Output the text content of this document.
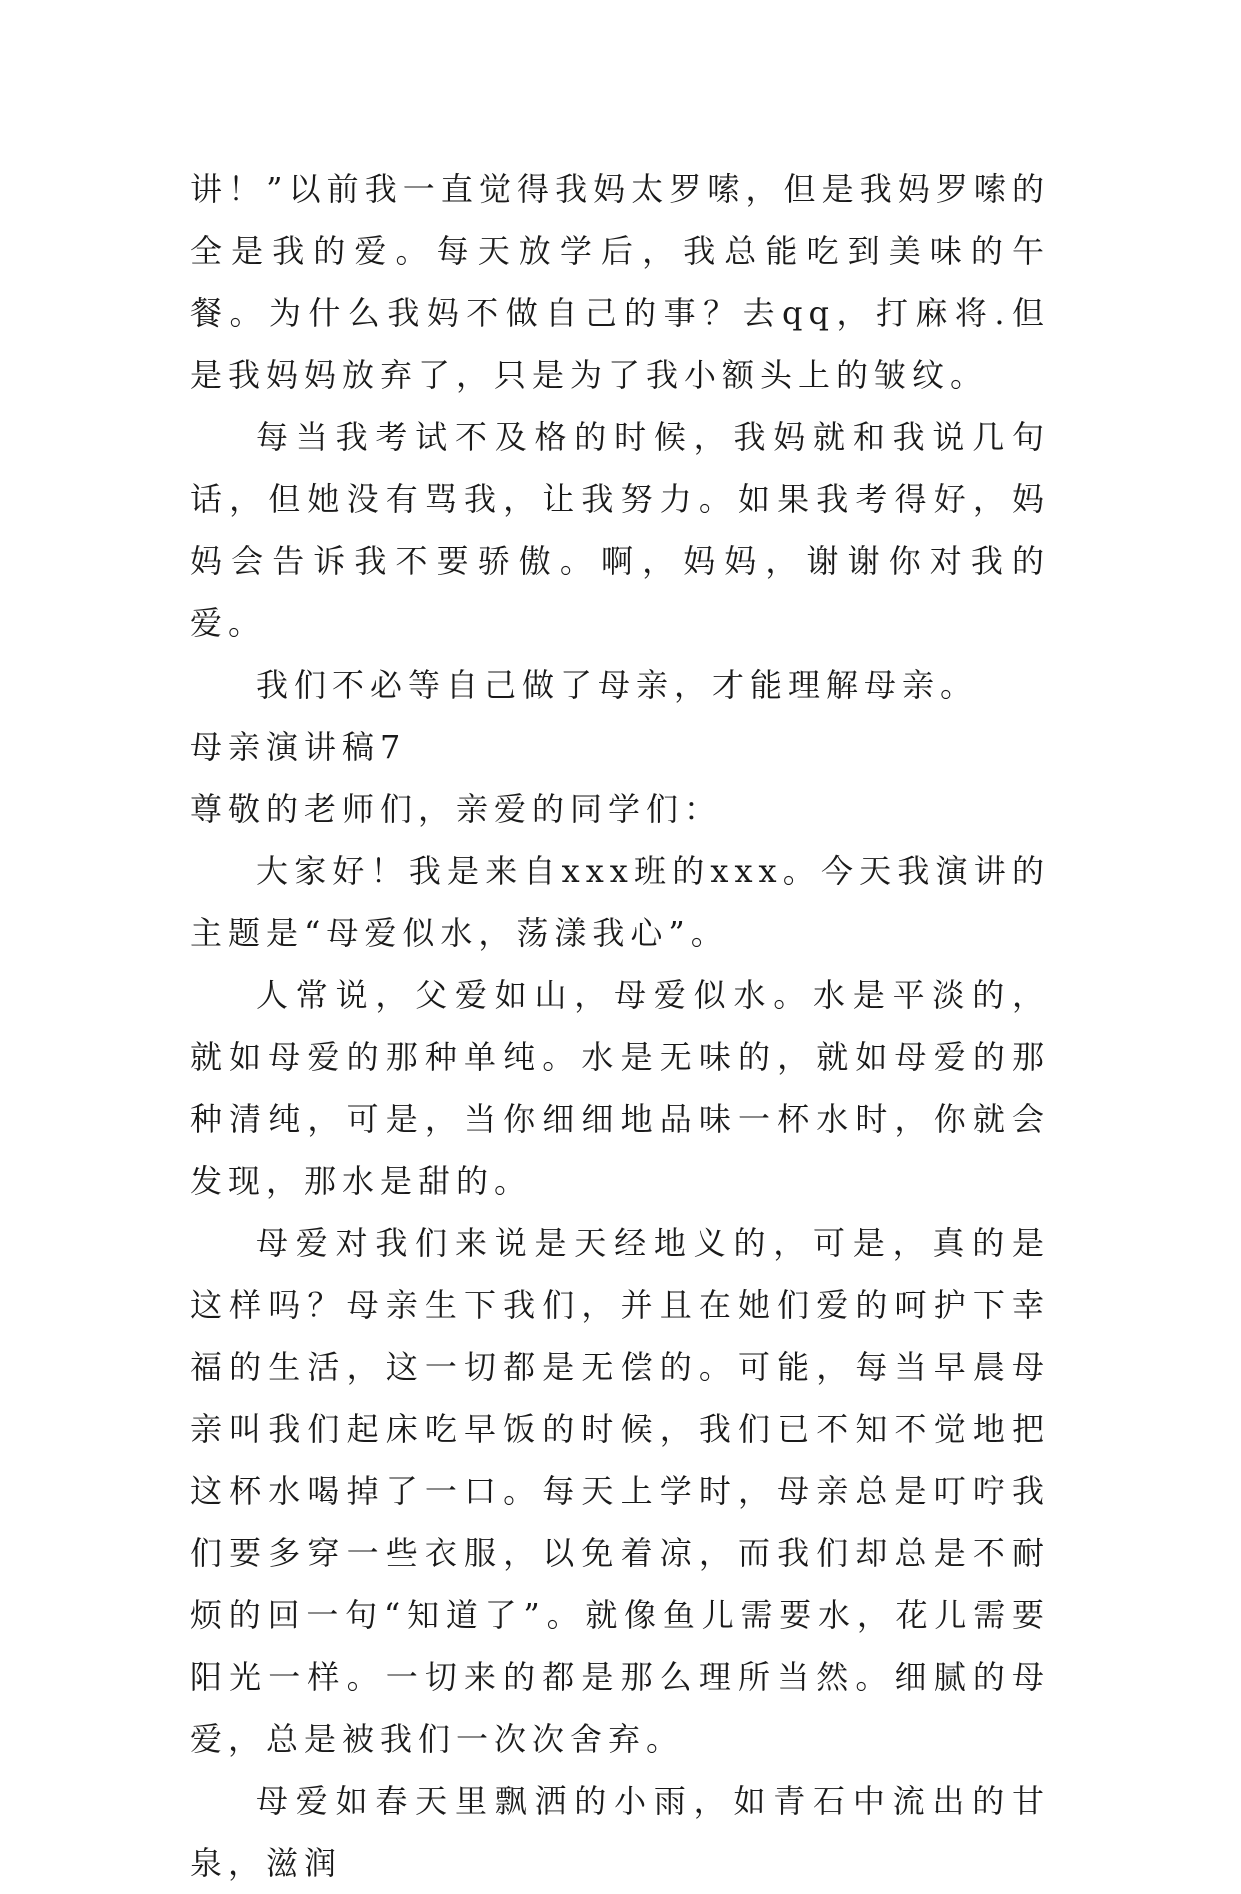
讲！”以前我一直觉得我妈太罗嗦，但是我妈罗嗦的全是我的爱。每天放学后，我总能吃到美味的午餐。为什么我妈不做自己的事？去qq，打麻将.但是我妈妈放弃了，只是为了我小额头上的皱纹。

每当我考试不及格的时候，我妈就和我说几句话，但她没有骂我，让我努力。如果我考得好，妈妈会告诉我不要骄傲。啊，妈妈，谢谢你对我的爱。

我们不必等自己做了母亲，才能理解母亲。

母亲演讲稿7

尊敬的老师们，亲爱的同学们：

大家好！我是来自xxx班的xxx。今天我演讲的主题是“母爱似水，荡漾我心”。

人常说，父爱如山，母爱似水。水是平淡的，就如母爱的那种单纯。水是无味的，就如母爱的那种清纯，可是，当你细细地品味一杯水时，你就会发现，那水是甜的。

母爱对我们来说是天经地义的，可是，真的是这样吗？母亲生下我们，并且在她们爱的呵护下幸福的生活，这一切都是无偿的。可能，每当早晨母亲叫我们起床吃早饭的时候，我们已不知不觉地把这杯水喝掉了一口。每天上学时，母亲总是叮咛我们要多穿一些衣服，以免着凉，而我们却总是不耐烦的回一句“知道了”。就像鱼儿需要水，花儿需要阳光一样。一切来的都是那么理所当然。细腻的母爱，总是被我们一次次舍弃。

母爱如春天里飘洒的小雨，如青石中流出的甘泉，滋润
